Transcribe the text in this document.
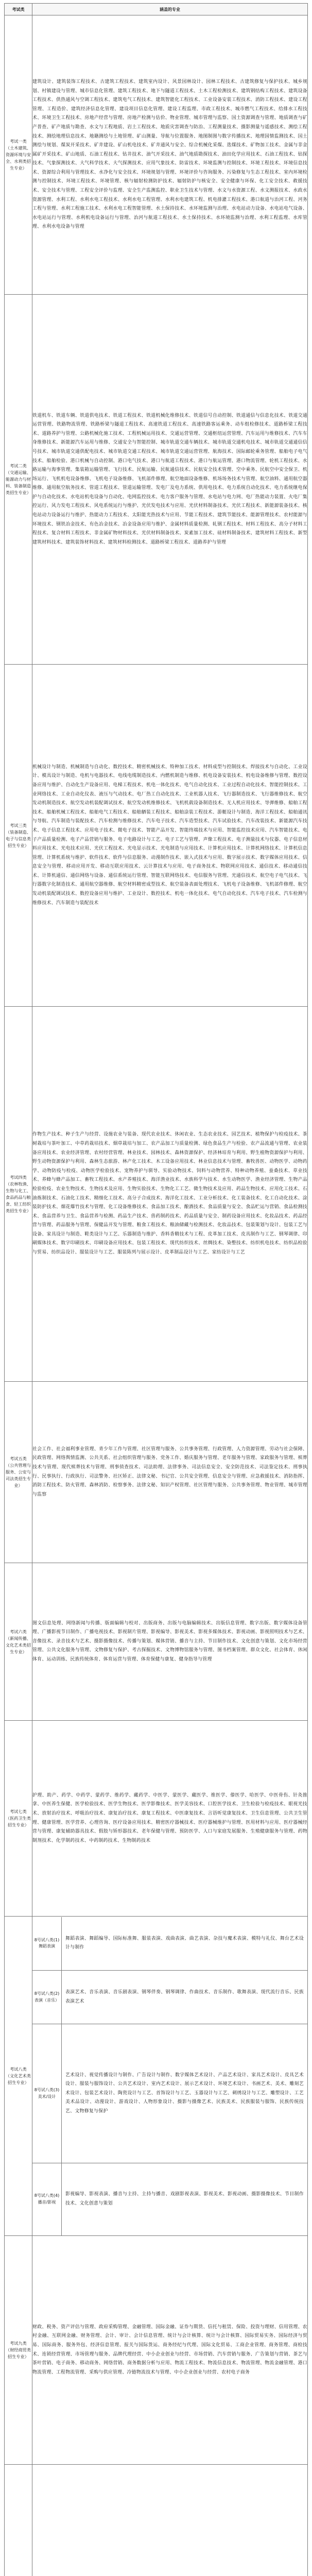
考试类	涵盖的专业

考试一类
（土木建筑、资源环境与安全、水利类招生专业）
	建筑设计、建筑装饰工程技术、古建筑工程技术、建筑室内设计、风景园林设计、园林工程技术、古建筑修复与保护技术、城乡规划、村镇建设与管理、城市信息化管理、建筑工程技术、地下与隧道工程技术、土木工程检测技术、建筑钢结构工程技术、建筑设备工程技术、供热通风与空调工程技术、建筑电气工程技术、建筑智能化工程技术、工业设备安装工程技术、消防工程技术、建设工程管理、工程造价、建筑经济信息化管理、建设项目信息化管理、建设工程监理、市政工程技术、城市燃气工程技术、给排水工程技术、环境卫生工程技术、房地产经营与管理、房地产检测与估价、物业管理、城市管理与监察、国土资源调查与管理、地质调查与矿产普查、矿产地质与勘查、水文与工程地质、岩土工程技术、地质灾害调查与防治、工程测量技术、摄影测量与遥感技术、测绘工程技术、测绘地理信息技术、地籍测绘与土地管理、矿山测量、导航与位置服务、地图制图与数字传播技术、地理国情监测技术、国土测绘与规划、煤炭开采技术、矿井建设、矿山机电技术、矿井通风与安全、综合机械化采煤、选煤技术、矿物加工技术、金属与非金属矿开采技术、矿山地质、石油工程技术、钻井技术、油气开采技术、油气地质勘探技术、油田化学应用技术、石油工程技术、钻探技术、气象探测技术、大气科学技术、大气探测技术、应用气象技术、防雷技术、环境监测与控制技术、环境工程技术、环境信息技术、资源综合利用与管理技术、水净化与安全技术、环境规划与管理、环境评价与咨询服务、污染修复与生态工程技术、室内环境检测与控制技术、环境工程技术、环境管理、核与辐射检测防护技术、辐射防护与核安全、安全健康与环保、化工安全技术、救援技术、安全技术与管理、工程安全评价与监理、安全生产监测监控、职业卫生技术与管理、水文与水资源工程、水文测报技术、水政水资源管理、水利工程、水利水电工程技术、水利水电工程管理、水利水电建筑工程、机电排灌工程技术、港口航道与治河工程、河务工程与管理、水利工程施工技术、水利水电工程智能管理、水土保持技术、水环境监测与治理、水电站动力设备、水电站电气设备、水电站运行与管理、水利机电设备运行与管理、治河与航道工程技术、水土保持技术、水环境监测与治理、水利工程监理、水库管理、水利水电设备与管理

考试二类
（交通运输、能源动力与材料、装备制造类招生专业）
	铁道机车、铁道车辆、铁道供电技术、铁道工程技术、铁道机械化维修技术、铁道信号自动控制、铁道通信与信息化技术、铁道交通运营管理、铁路物流管理、铁路桥梁与隧道工程技术、高速铁道工程技术、高速铁路客运乘务、动车组检修技术、道路桥梁工程技术、道路养护与管理、公路机械化施工技术、工程机械运用技术、交通运营管理、交通枢纽运营管理、汽车运用与维修技术、汽车车身维修技术、新能源汽车运用与维修、交通安全与智能控制、城市轨道交通车辆技术、城市轨道交通机电技术、城市轨道交通通信信号技术、城市轨道交通供配电技术、城市轨道交通工程技术、城市轨道交通运营管理、航海技术、国际邮轮乘务管理、船舶电子电气技术、船舶检验、港口机械与自动控制、港口电气技术、港口与航道工程技术、港口与航运管理、港口物流管理、轮机工程技术、水路运输与海事管理、集装箱运输管理、飞行技术、民航运输、民航通信技术、民航安全技术管理、空中乘务、民航空中安全保卫、机场运行、飞机机电设备维修、飞机电子设备维修、飞机部件修理、航空地面设备维修、机场场务技术与管理、航空油料、通用航空器维修、通用航空航务技术、管道工程技术、管道运输管理、发电厂及电力系统、供用电技术、电力系统自动化技术、电力系统继电保护与自动化技术、水电站机电设备与自动化、电网监控技术、电力客户服务与管理、水电站与电力网、电厂热能动力装置、火电厂集控运行、风力发电工程技术、风电系统运行与维护、光伏发电技术与应用、光伏材料制备技术、光伏工程技术、新能源装备技术、核电站动力设备运行与维护、热能动力工程技术、太阳能光热技术与应用、节能工程技术、建筑节能技术、能源管理技术、农村能源与环境技术、钢铁冶金技术、有色冶金技术、冶金设备应用与维护、金属材料质量检测、轧钢工程技术、材料工程技术、高分子材料工程技术、复合材料工程技术、非金属矿物材料技术、光伏材料制备技术、炭素加工技术、硅材料制备技术、建筑材料工程技术、新型建筑材料技术、建筑装饰材料技术、建筑材料检测技术、道路桥梁工程技术、道路养护与管理

考试三类
（装备制造、电子与信息类招生专业）
	机械设计与制造、机械制造与自动化、数控技术、精密机械技术、特种加工技术、材料成型与控制技术、焊接技术与自动化、工业设计、模具设计与制造、电机与电器技术、电线电缆制造技术、内燃机制造与维修、机电设备安装技术、机电设备维修与管理、数控设备应用与维护、自动化生产设备应用、电梯工程技术、机电一体化技术、电气自动化技术、工业过程自动化技术、智能控制技术、工业网络技术、工业自动化仪表、液压与气动技术、电厂热工自动化技术、工业机器人技术、飞行器制造技术、飞行器维修技术、航空发动机制造技术、航空发动机装配调试技术、航空发动机维修技术、飞机机载设备制造技术、无人机应用技术、导弹维修、船舶工程技术、船舶机械工程技术、船舶电气工程技术、船舶舾装工程技术、船舶涂装工程技术、游艇设计与制造、海洋工程技术、船舶通讯与导航、汽车制造与装配技术、汽车检测与维修技术、汽车电子技术、汽车造型技术、汽车试验技术、汽车改装技术、新能源汽车技术、电子信息工程技术、应用电子技术、微电子技术、智能产品开发、智能终端技术与应用、智能监控技术应用、汽车智能技术、电子产品质量检测、电子产品营销与服务、电子电路设计与工艺、电子工艺与管理、声像工程技术、电子测量技术与仪器、电子信息材料应用技术、光电技术应用、光伏工程技术、光电显示技术、光电制造与应用技术、计算机应用技术、计算机网络技术、计算机信息管理、计算机系统与维护、软件技术、软件与信息服务、动漫制作技术、嵌入式技术与应用、数字展示技术、数字媒体应用技术、信息安全与管理、移动应用开发、移动互联应用技术、云计算技术与应用、电子商务技术、物联网应用技术、通信技术、移动通信技术、计算机通信、通信网络与设备、通信系统运行管理、智能互联网络技术、电信服务与管理、光通信技术、航空电子电气技术、飞行器数字化制造技术、通用航空器维修、航空材料精密成型技术、航空装备表面处理技术、飞机电子设备维修、飞机部件修理、航空发动机装配调试技术、数控设备应用与维护、工业设计、数控技术、机电一体化技术、电气自动化技术、汽车电子技术、汽车检测与维修技术、汽车制造与装配技术

考试四类
（农林牧渔、生物与化工、食品药品与粮食、轻工纺织类招生专业）
	作物生产技术、种子生产与经营、设施农业与装备、现代农业技术、休闲农业、生态农业技术、园艺技术、植物保护与检疫技术、茶树栽培与茶叶加工、中草药栽培技术、烟草栽培与加工、农产品加工与质量检测、绿色食品生产与检验、农产品流通与管理、农业装备应用技术、农业经济管理、农村经营管理、林业技术、园林技术、森林资源保护、经济林培育与利用、野生植物资源保护与利用、野生动物资源保护与利用、森林生态旅游、林产化工技术、木工设备应用技术、林业信息技术与管理、畜牧兽医、动物医学、动物药学、动物防疫与检疫、动物医学检验技术、宠物养护与驯导、实验动物技术、饲料与动物营养、特种动物养殖、蚕桑技术、草业技术、养蜂与蜂产品加工、畜牧工程技术、水产养殖技术、海洋渔业技术、水族科学与技术、水生动物医学、渔业经济管理、生物产品检验检疫、农业生物技术、生物技术及应用、生物实验技术、生物化工工艺、微生物技术及应用、药品生物技术、应用化工技术、石油炼制技术、石油化工技术、精细化工技术、高分子合成技术、海洋化工技术、工业分析技术、化工装备技术、化工自动化技术、涂装防护技术、烟花爆竹技术与管理、化工设备维修技术、食品加工技术、酿酒技术、食品质量与安全、食品贮运与营销、食品检测技术、食品营养与卫生、食品营养与检测、药品生产技术、兽药制药技术、药品质量与安全、制药设备应用技术、化妆品技术、药品经营与管理、药品服务与管理、保健品开发与管理、粮食工程技术、粮油储藏与检测技术、化妆品技术、包装策划与设计、包装工艺与设备、家具设计与制造、鞋类设计与工艺、乐器制造与维护、香料香精技术与工程、皮革加工技术、皮具制作与工艺、钢琴调律、印刷媒体技术、数字印刷技术、印刷设备应用技术、包装工程技术、现代纺织技术、丝绸技术、染整技术、纺织机电技术、纺织品检验与贸易、纺织品设计、服装设计与工艺、服装陈列与展示设计、皮革制品设计与工艺、家纺设计与工艺

考试五类
（公共管理与服务、公安与司法类招生专业）
	社会工作、社会福利事业管理、青少年工作与管理、社区管理与服务、公共事务管理、行政管理、人力资源管理、劳动与社会保障、民政管理、网络舆情监测、公共关系、社会组织管理与服务、党务工作、婚庆服务与管理、老年服务与管理、家政服务与管理、殡葬技术与管理、现代殡葬技术与管理、刑事侦查技术、司法助理、法律事务、司法信息安全、安全防范技术、司法鉴定技术、刑事执行、民事执行、行政执行、司法警务、社区矫正、法律文秘、书记官、公共安全管理、信息安全与管理、应急救援技术、消防指挥、消防工程技术、防火管理、森林消防、检察事务、法律文秘、知识产权管理、社区管理与服务、公共事务管理、物业管理、城市管理与监察

考试六类
（新闻传播、文化艺术类招生专业）
	图文信息处理、网络新闻与传播、版面编辑与校对、出版商务、出版与电脑编辑技术、出版信息管理、数字出版、数字媒体设备管理、广播影视节目制作、广播电视技术、影视制片管理、影视编导、影视美术、影视多媒体技术、影视动画、影视照明技术与艺术、音像技术、录音技术与艺术、摄影摄像技术、传播与策划、媒体营销、播音与主持、节目制作技术、文化创意与策划、文化市场经营管理、公共文化服务与管理、文物修复与保护、考古探掘技术、文物博物馆服务与管理、图书档案管理、群众文化、社会体育、休闲体育、运动训练、民族传统体育、体育运营与管理、体育保健与康复、健身指导与管理

考试七类
（医药卫生类招生专业）
	护理、助产、药学、中药学、蒙药学、维药学、藏药学、中医学、蒙医学、藏医学、维医学、傣医学、哈医学、中医骨伤、针灸推拿、中医养生保健、医学检验技术、医学生物技术、医学影像技术、医学美容技术、口腔医学技术、卫生检验与检疫技术、眼视光技术、放射治疗技术、呼吸治疗技术、康复治疗技术、康复工程技术、中医康复技术、言语听觉康复技术、卫生信息管理、公共卫生管理、健康管理、医学营养、心理咨询、医疗设备应用技术、精密医疗器械技术、医疗器械维护与管理、医用材料与应用、医疗器械经营与管理、康复辅助器具技术、假肢与矫形器技术、老年保健与管理、预防医学、人口与家庭发展服务、生殖健康服务与管理、药物制剂技术、化学制药技术、中药制药技术、生物制药技术

考试八类
（文化艺术类招生专业）

8号试八类(1)舞蹈表演	舞蹈表演、舞蹈编导、国际标准舞、服装表演、戏曲表演、曲艺表演、杂技与魔术表演、模特与礼仪、舞台艺术设计与制作
8号试八类(2)表演（音乐）	表演艺术、音乐表演、音乐剧表演、钢琴伴奏、钢琴调律、作曲技术、音乐制作、歌舞表演、现代流行音乐、民族表演艺术
8号试八类(3)美术/设计	艺术设计、视觉传播设计与制作、广告设计与制作、数字媒体艺术设计、产品艺术设计、家具艺术设计、皮具艺术设计、服装与服饰设计、公共艺术设计、室内艺术设计、展示艺术设计、环境艺术设计、书画艺术、美术、雕刻艺术设计、包装艺术设计、陶瓷设计与工艺、首饰设计与工艺、玉器设计与工艺、刺绣设计与工艺、雕塑设计、工艺美术品设计、动漫设计、游戏设计、人物形象设计、摄影与摄像艺术、民族美术、民族服装与服饰、民族传统技艺、文物修复与保护
8号试八类(4)播音/影视	影视编导、影视表演、播音与主持、主持与播音、戏剧影视表演、影视美术、影视动画、摄影摄像技术、节目制作技术、文化创意与策划

考试九类
（财经商贸类招生专业）
	财政、税务、资产评估与管理、政府采购管理、金融管理、国际金融、证券与期货、信托与租赁、保险、投资与理财、信用管理、农村金融、互联网金融、财务管理、会计、审计、会计信息管理、统计与会计核算、统计与会计核算、国际贸易实务、国际经济与贸易、国际商务、服务外包、经济信息管理、报关与国际货运、商务经纪与代理、国际文化贸易、工商企业管理、商务管理、商检技术、连锁经营管理、市场管理与服务、品牌代理经营、中小企业创业与经营、市场营销、汽车营销与服务、广告策划与营销、茶艺与茶叶营销、电子商务、移动商务、网络营销、商务数据分析与应用、物流工程技术、物流信息技术、物流管理、物流金融管理、港口物流管理、工程物流管理、采购与供应管理、冷链物流技术与管理、中小企业创业与经营、农村电子商务
